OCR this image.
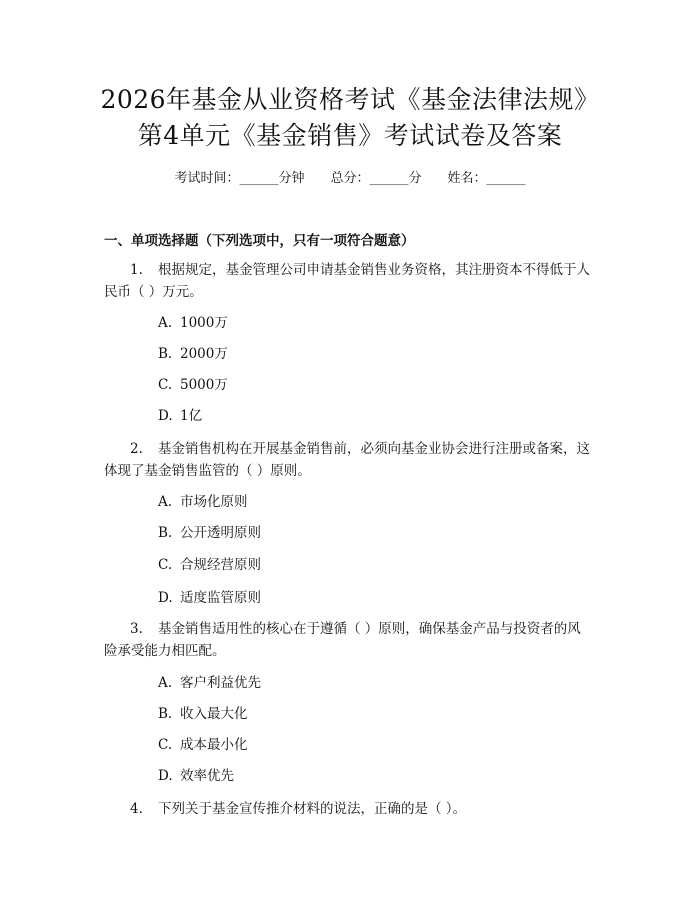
2026年基金从业资格考试《基金法律法规》
第4单元《基金销售》考试试卷及答案
考试时间：______分钟 总分：______分 姓名：______
一、单项选择题（下列选项中，只有一项符合题意）
1. 根据规定，基金管理公司申请基金销售业务资格，其注册资本不得低于人
民币（ ）万元。
A. 1000万
B. 2000万
C. 5000万
D. 1亿
2. 基金销售机构在开展基金销售前，必须向基金业协会进行注册或备案，这
体现了基金销售监管的（ ）原则。
A. 市场化原则
B. 公开透明原则
C. 合规经营原则
D. 适度监管原则
3. 基金销售适用性的核心在于遵循（ ）原则，确保基金产品与投资者的风
险承受能力相匹配。
A. 客户利益优先
B. 收入最大化
C. 成本最小化
D. 效率优先
4. 下列关于基金宣传推介材料的说法，正确的是（ ）。
